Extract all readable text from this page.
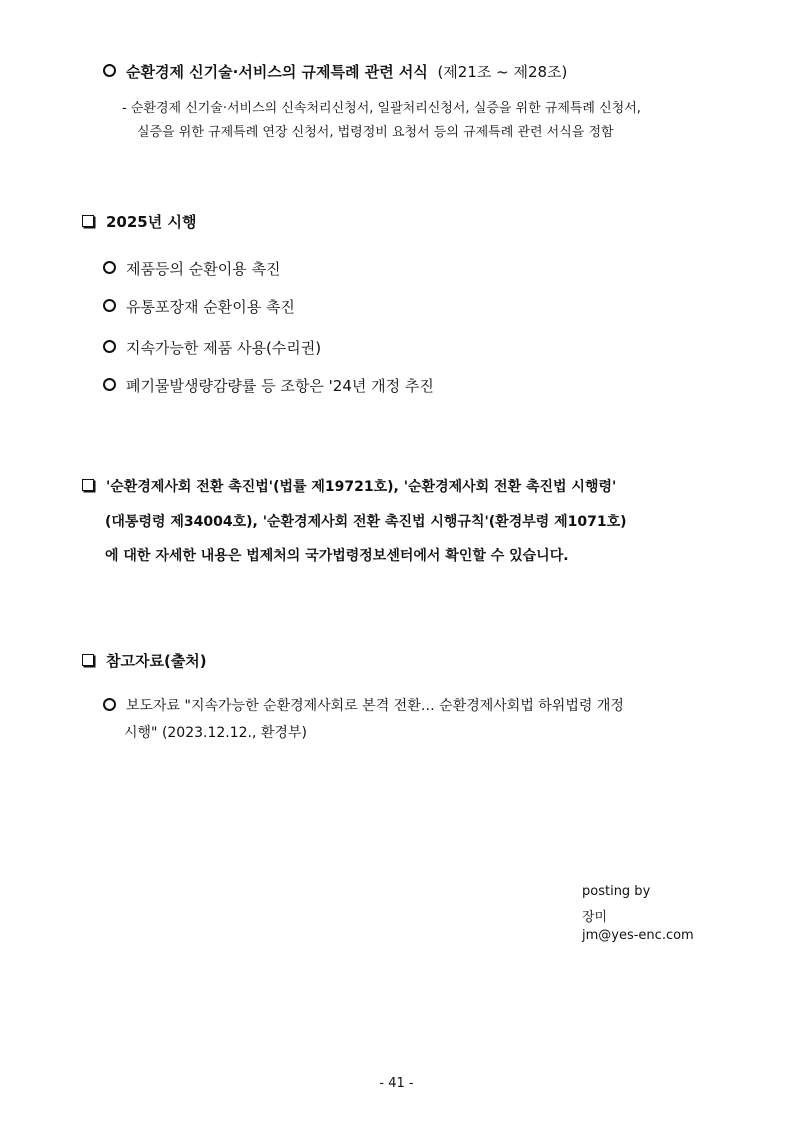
순환경제 신기술·서비스의 규제특례 관련 서식 (제21조 ~ 제28조)
- 순환경제 신기술·서비스의 신속처리신청서, 일괄처리신청서, 실증을 위한 규제특례 신청서,
실증을 위한 규제특례 연장 신청서, 법령정비 요청서 등의 규제특례 관련 서식을 정함
2025년 시행
제품등의 순환이용 촉진
유통포장재 순환이용 촉진
지속가능한 제품 사용(수리권)
폐기물발생량감량률 등 조항은 '24년 개정 추진
'순환경제사회 전환 촉진법'(법률 제19721호), '순환경제사회 전환 촉진법 시행령'
(대통령령 제34004호), '순환경제사회 전환 촉진법 시행규칙'(환경부령 제1071호)
에 대한 자세한 내용은 법제처의 국가법령정보센터에서 확인할 수 있습니다.
참고자료(출처)
보도자료 "지속가능한 순환경제사회로 본격 전환… 순환경제사회법 하위법령 개정
시행" (2023.12.12., 환경부)
posting by
장미
jm@yes-enc.com
- 41 -
